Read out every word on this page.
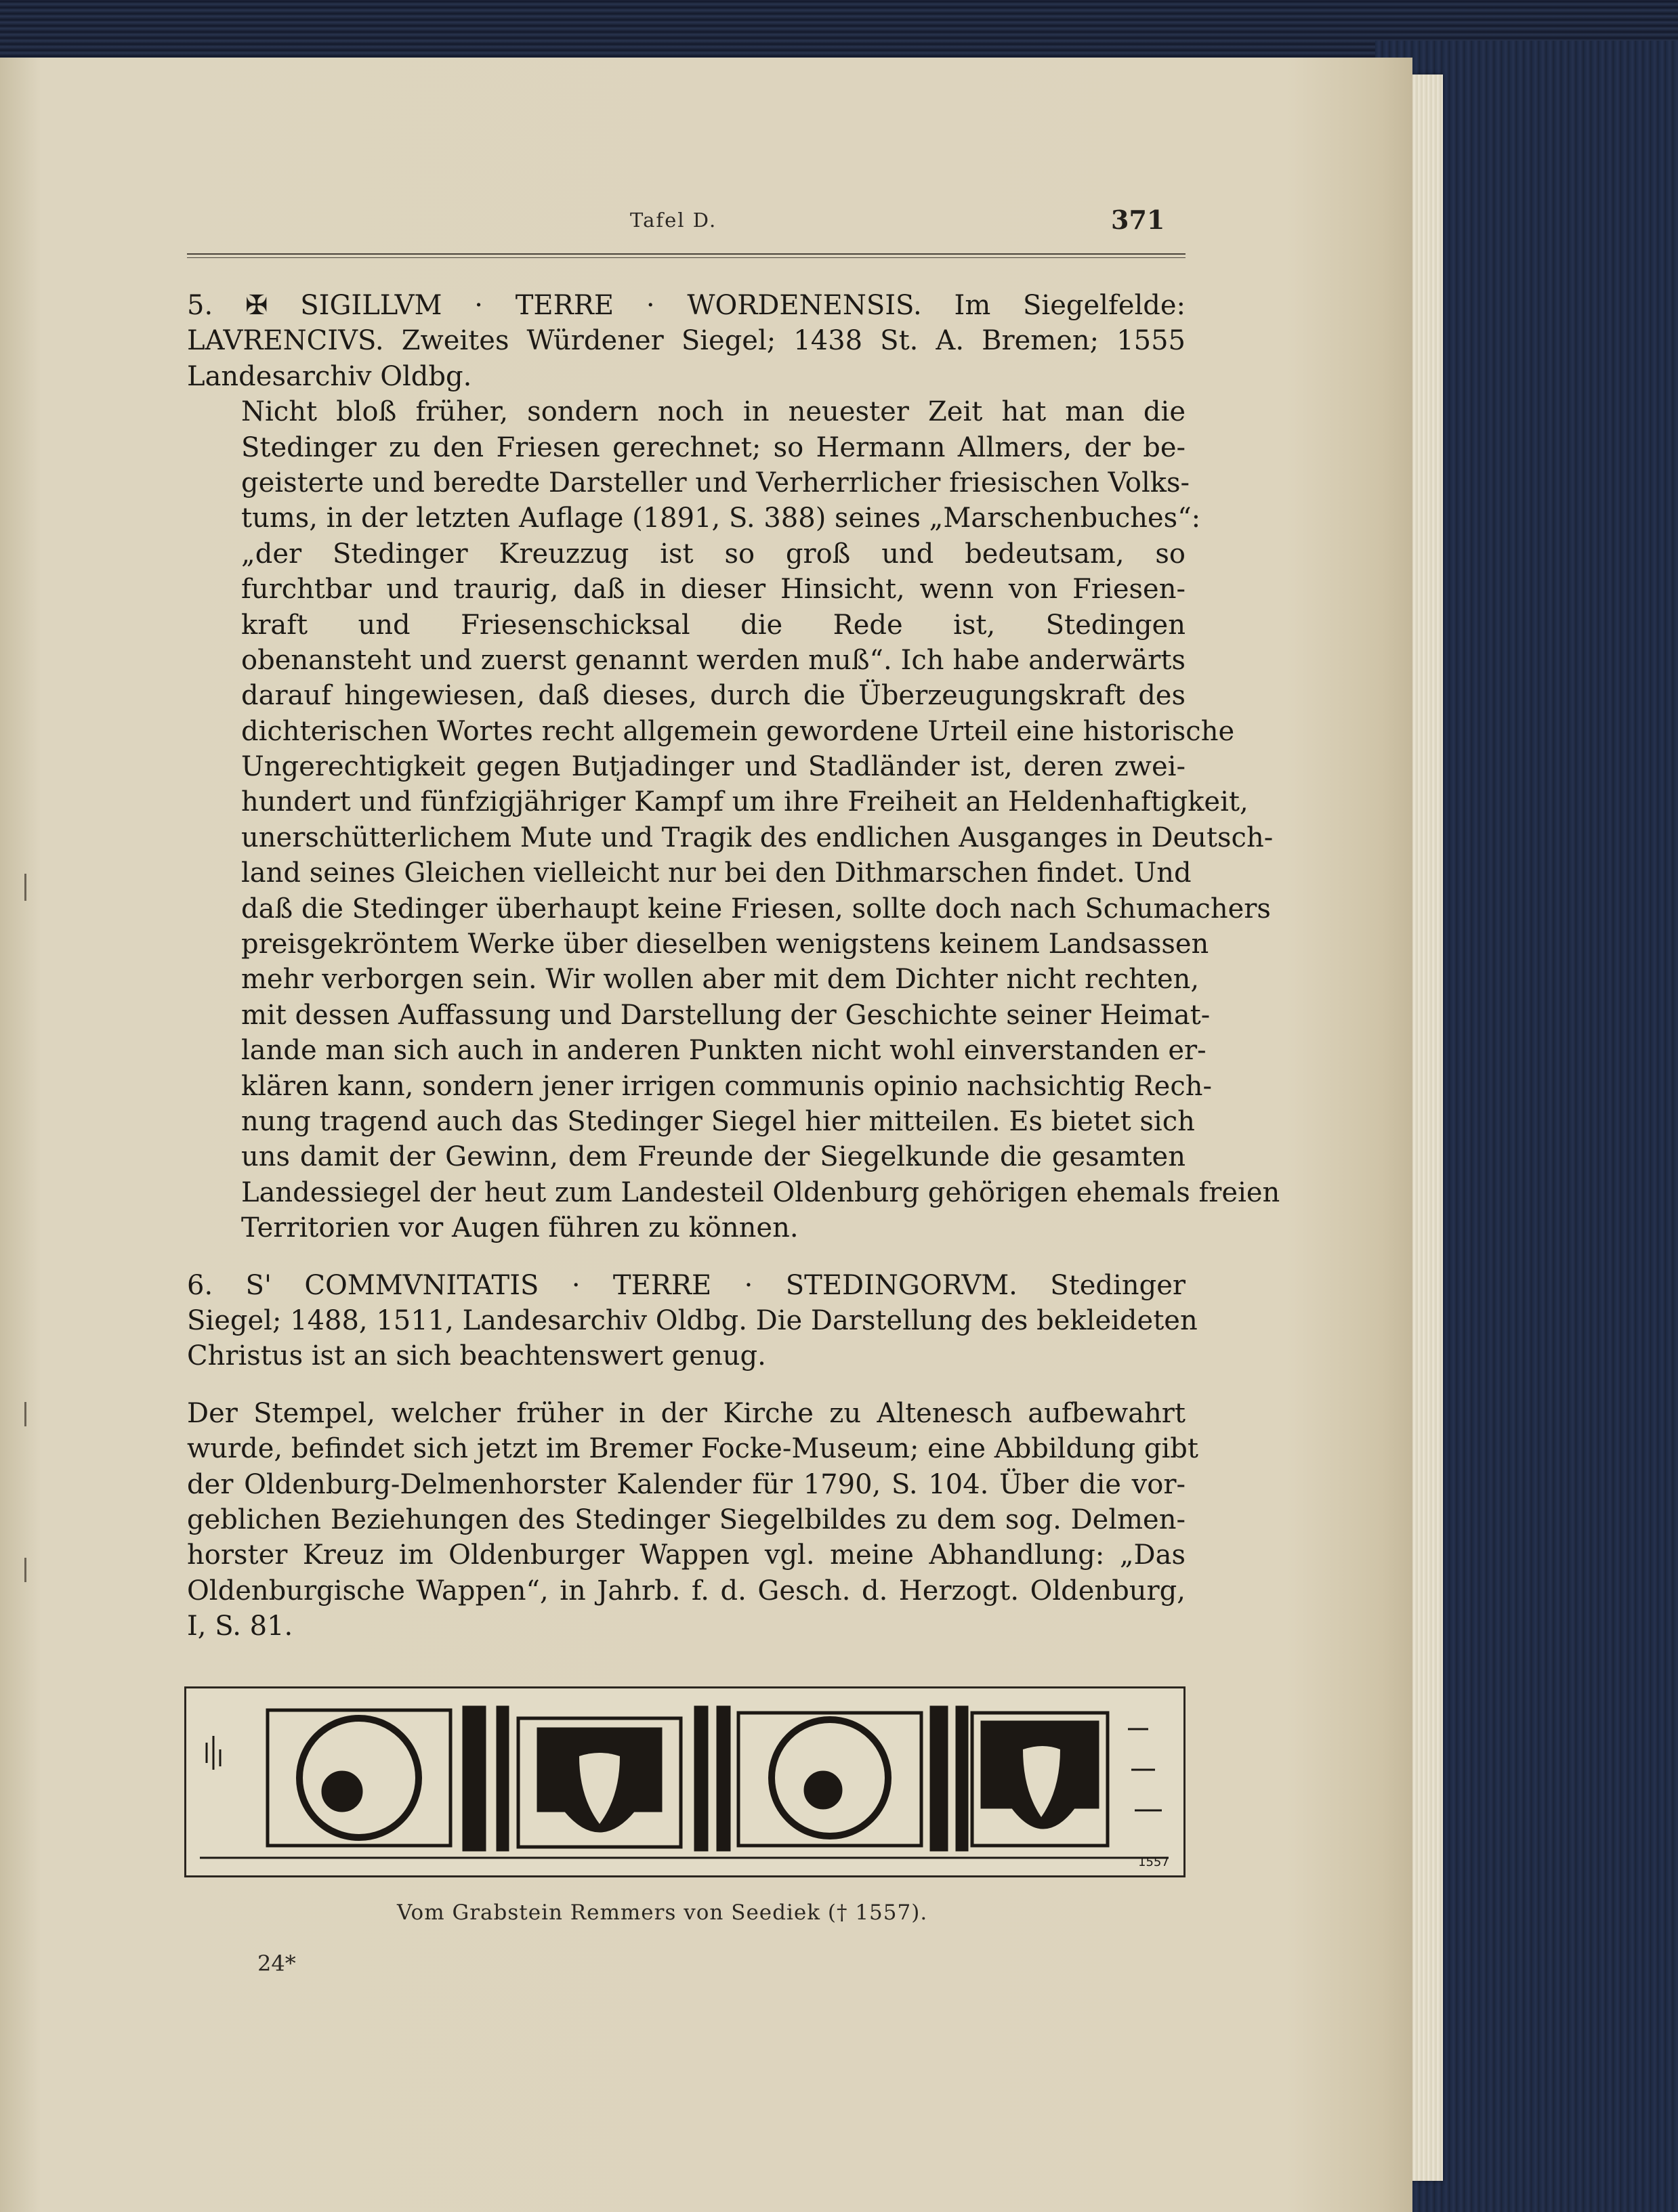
Tafel D.	371
5. ✠ SIGILLVM · TERRE · WORDENENSIS. Im Siegelfelde:
LAVRENCIVS. Zweites Würdener Siegel; 1438 St. A. Bremen; 1555
Landesarchiv Oldbg.
Nicht bloß früher, sondern noch in neuester Zeit hat man die
Stedinger zu den Friesen gerechnet; so Hermann Allmers, der be-
geisterte und beredte Darsteller und Verherrlicher friesischen Volks-
tums, in der letzten Auflage (1891, S. 388) seines „Marschenbuches“:
„der Stedinger Kreuzzug ist so groß und bedeutsam, so
furchtbar und traurig, daß in dieser Hinsicht, wenn von Friesen-
kraft und Friesenschicksal die Rede ist, Stedingen
obenansteht und zuerst genannt werden muß“. Ich habe anderwärts
darauf hingewiesen, daß dieses, durch die Überzeugungskraft des
dichterischen Wortes recht allgemein gewordene Urteil eine historische
Ungerechtigkeit gegen Butjadinger und Stadländer ist, deren zwei-
hundert und fünfzigjähriger Kampf um ihre Freiheit an Heldenhaftigkeit,
unerschütterlichem Mute und Tragik des endlichen Ausganges in Deutsch-
land seines Gleichen vielleicht nur bei den Dithmarschen findet. Und
daß die Stedinger überhaupt keine Friesen, sollte doch nach Schumachers
preisgekröntem Werke über dieselben wenigstens keinem Landsassen
mehr verborgen sein. Wir wollen aber mit dem Dichter nicht rechten,
mit dessen Auffassung und Darstellung der Geschichte seiner Heimat-
lande man sich auch in anderen Punkten nicht wohl einverstanden er-
klären kann, sondern jener irrigen communis opinio nachsichtig Rech-
nung tragend auch das Stedinger Siegel hier mitteilen. Es bietet sich
uns damit der Gewinn, dem Freunde der Siegelkunde die gesamten
Landessiegel der heut zum Landesteil Oldenburg gehörigen ehemals freien
Territorien vor Augen führen zu können.
6. S' COMMVNITATIS · TERRE · STEDINGORVM. Stedinger
Siegel; 1488, 1511, Landesarchiv Oldbg. Die Darstellung des bekleideten
Christus ist an sich beachtenswert genug.
Der Stempel, welcher früher in der Kirche zu Altenesch aufbewahrt
wurde, befindet sich jetzt im Bremer Focke-Museum; eine Abbildung gibt
der Oldenburg-Delmenhorster Kalender für 1790, S. 104. Über die vor-
geblichen Beziehungen des Stedinger Siegelbildes zu dem sog. Delmen-
horster Kreuz im Oldenburger Wappen vgl. meine Abhandlung: „Das
Oldenburgische Wappen“, in Jahrb. f. d. Gesch. d. Herzogt. Oldenburg,
I, S. 81.
1557
Vom Grabstein Remmers von Seediek († 1557).
24*
